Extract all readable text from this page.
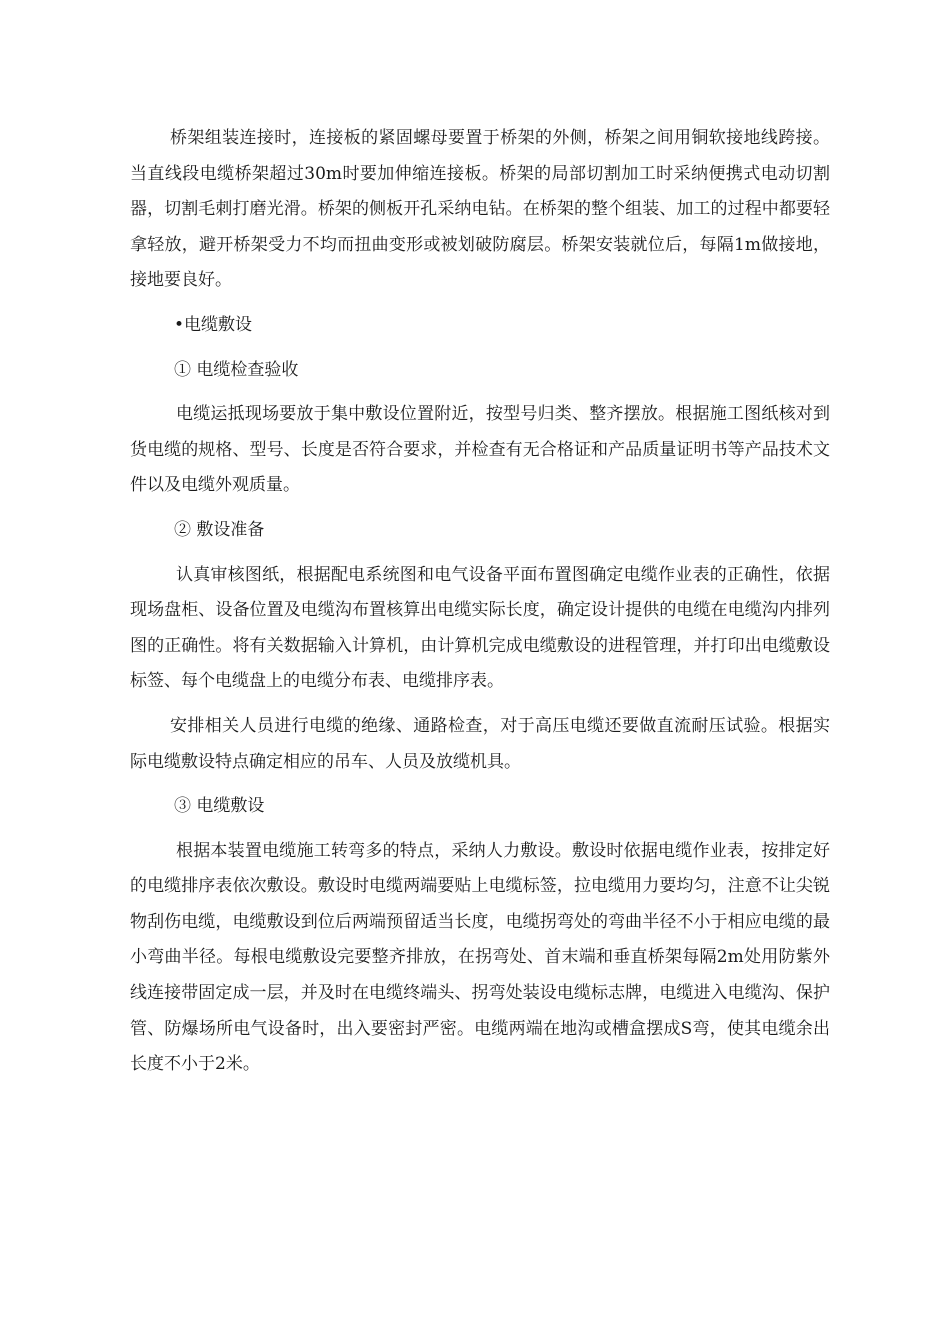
桥架组装连接时，连接板的紧固螺母要置于桥架的外侧，桥架之间用铜软接地线跨接。当直线段电缆桥架超过30m时要加伸缩连接板。桥架的局部切割加工时采纳便携式电动切割器，切割毛刺打磨光滑。桥架的侧板开孔采纳电钻。在桥架的整个组装、加工的过程中都要轻拿轻放，避开桥架受力不均而扭曲变形或被划破防腐层。桥架安装就位后，每隔1m做接地，接地要良好。

•电缆敷设

① 电缆检查验收

电缆运抵现场要放于集中敷设位置附近，按型号归类、整齐摆放。根据施工图纸核对到货电缆的规格、型号、长度是否符合要求，并检查有无合格证和产品质量证明书等产品技术文件以及电缆外观质量。

② 敷设准备

认真审核图纸，根据配电系统图和电气设备平面布置图确定电缆作业表的正确性，依据现场盘柜、设备位置及电缆沟布置核算出电缆实际长度，确定设计提供的电缆在电缆沟内排列图的正确性。将有关数据输入计算机，由计算机完成电缆敷设的进程管理，并打印出电缆敷设标签、每个电缆盘上的电缆分布表、电缆排序表。

安排相关人员进行电缆的绝缘、通路检查，对于高压电缆还要做直流耐压试验。根据实际电缆敷设特点确定相应的吊车、人员及放缆机具。

③ 电缆敷设

根据本装置电缆施工转弯多的特点，采纳人力敷设。敷设时依据电缆作业表，按排定好的电缆排序表依次敷设。敷设时电缆两端要贴上电缆标签，拉电缆用力要均匀，注意不让尖锐物刮伤电缆，电缆敷设到位后两端预留适当长度，电缆拐弯处的弯曲半径不小于相应电缆的最小弯曲半径。每根电缆敷设完要整齐排放，在拐弯处、首末端和垂直桥架每隔2m处用防紫外线连接带固定成一层，并及时在电缆终端头、拐弯处装设电缆标志牌，电缆进入电缆沟、保护管、防爆场所电气设备时，出入要密封严密。电缆两端在地沟或槽盒摆成S弯，使其电缆余出长度不小于2米。
